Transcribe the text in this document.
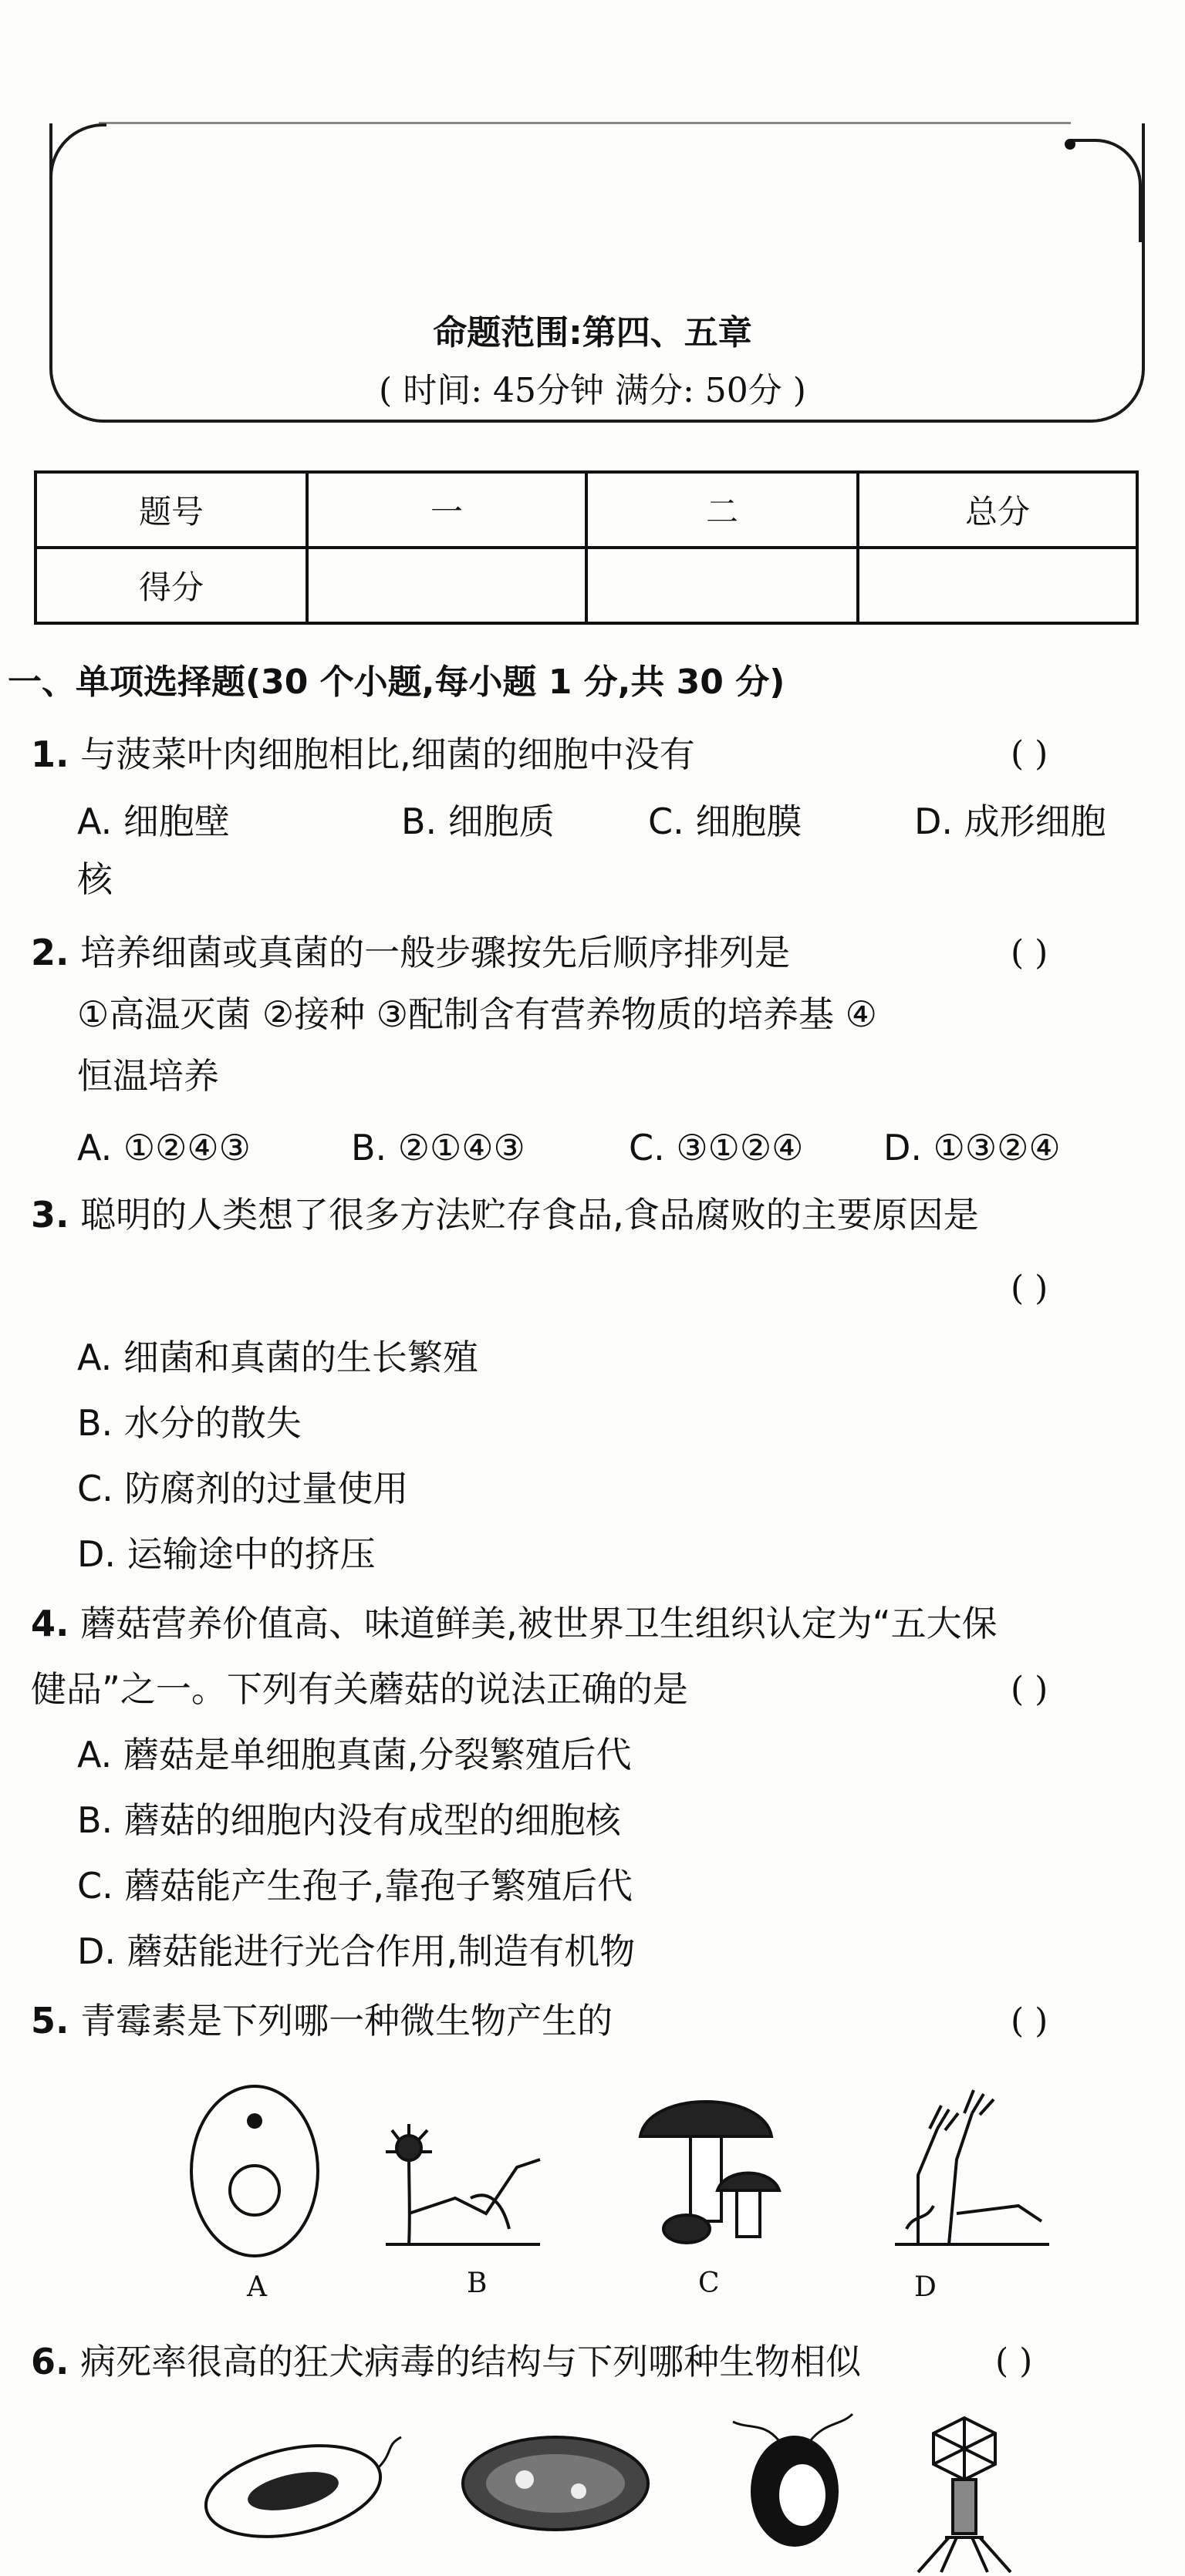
命题范围:第四、五章
( 时间: 45分钟 满分: 50分 )
题号	一	二	总分
得分			
一、单项选择题(30 个小题,每小题 1 分,共 30 分)
1. 与菠菜叶肉细胞相比,细菌的细胞中没有	( )
A. 细胞壁	B. 细胞质	C. 细胞膜	D. 成形细胞
核
2. 培养细菌或真菌的一般步骤按先后顺序排列是	( )
①高温灭菌 ②接种 ③配制含有营养物质的培养基 ④
恒温培养
A. ①②④③	B. ②①④③	C. ③①②④ D. ①③②④
3. 聪明的人类想了很多方法贮存食品,食品腐败的主要原因是
( )
A. 细菌和真菌的生长繁殖
B. 水分的散失
C. 防腐剂的过量使用
D. 运输途中的挤压
4. 蘑菇营养价值高、味道鲜美,被世界卫生组织认定为“五大保
健品”之一。下列有关蘑菇的说法正确的是	( )
A. 蘑菇是单细胞真菌,分裂繁殖后代
B. 蘑菇的细胞内没有成型的细胞核
C. 蘑菇能产生孢子,靠孢子繁殖后代
D. 蘑菇能进行光合作用,制造有机物
5. 青霉素是下列哪一种微生物产生的	( )
A	B	C	D
6. 病死率很高的狂犬病毒的结构与下列哪种生物相似	( )
